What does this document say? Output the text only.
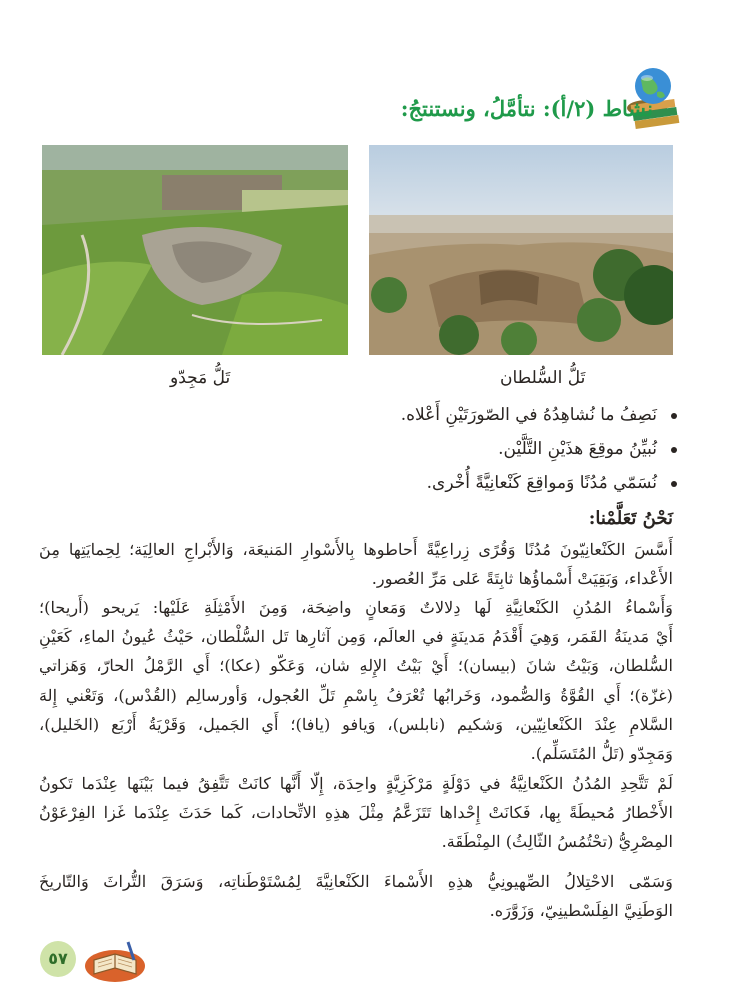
نشاط (٢/أ): نتأمَّلُ، ونستنتجُ:
تَلُّ السُّلطان
تَلُّ مَجِدّو
نَصِفُ ما نُشاهِدُهُ في الصّورَتَيْنِ أَعْلاه.
نُبيِّنُ موقِعَ هذَيْنِ التَّلَّيْن.
نُسَمّي مُدُنًا وَمواقِعَ كَنْعانِيَّةً أُخْرى.
نَحْنُ تَعَلَّمْنا:
أَسَّسَ الكَنْعانِيّونَ مُدُنًا وَقُرًى زِراعِيَّةً أَحاطوها بِالأَسْوارِ المَنيعَة، وَالأَبْراجِ العالِيَة؛ لِحِمايَتِها مِنَ
الأَعْداء، وَبَقِيَتْ أَسْماؤُها ثابِتَةً عَلى مَرِّ العُصور.
وَأَسْماءُ المُدُنِ الكَنْعانِيَّةِ لَها دِلالاتٌ وَمَعانٍ واضِحَة، وَمِنَ الأَمْثِلَةِ عَلَيْها: يَريحو (أَريحا)؛
أَيْ مَدينَةُ القَمَر، وَهِيَ أَقْدَمُ مَدينَةٍ في العالَم، وَمِن آثارِها تَل السُّلْطان، حَيْثُ عُيونُ الماءِ، كَعَيْنِ
السُّلطان، وَبَيْتُ شانَ (بيسان)؛ أَيْ بَيْتُ الإِلهِ شان، وَعَكّو (عكا)؛ أَي الرَّمْلُ الحارّ، وَهَزاتي
(غزّة)؛ أَي القُوَّةُ وَالصُّمود، وَخَرابُها تُعْرَفُ بِاسْمِ تَلِّ العُجول، وَأورسالِم (القُدْس)، وَتَعْني إِلهَ
السَّلامِ عِنْدَ الكَنْعانِيّين، وَشكيم (نابلس)، وَيافو (يافا)؛ أَي الجَميل، وَقَرْيَةُ أَرْبَع (الخَليل)،
وَمَجِدّو (تَلُّ المُتَسَلِّم).
لَمْ تَتَّحِدِ المُدُنُ الكَنْعانِيَّةُ في دَوْلَةٍ مَرْكَزِيَّةٍ واحِدَة، إِلّا أَنَّها كانَتْ تَتَّفِقُ فيما بَيْنَها عِنْدَما تَكونُ
الأَخْطارُ مُحيطَةً بِها، فَكانَتْ إِحْداها تَتَزَعَّمُ مِثْلَ هذِهِ الاتِّحادات، كَما حَدَثَ عِنْدَما غَزا الفِرْعَوْنُ
المِصْرِيُّ (تحْتُمُسُ الثّالِثُ) المِنْطَقَة.
وَسَمّى الاحْتِلالُ الصِّهيونِيُّ هذِهِ الأَسْماءَ الكَنْعانِيَّةَ لِمُسْتَوْطَناتِه، وَسَرَقَ التُّراثَ وَالتّاريخَ
الوَطَنِيَّ الفِلَسْطينِيّ، وَزَوَّرَه.
٥٧
